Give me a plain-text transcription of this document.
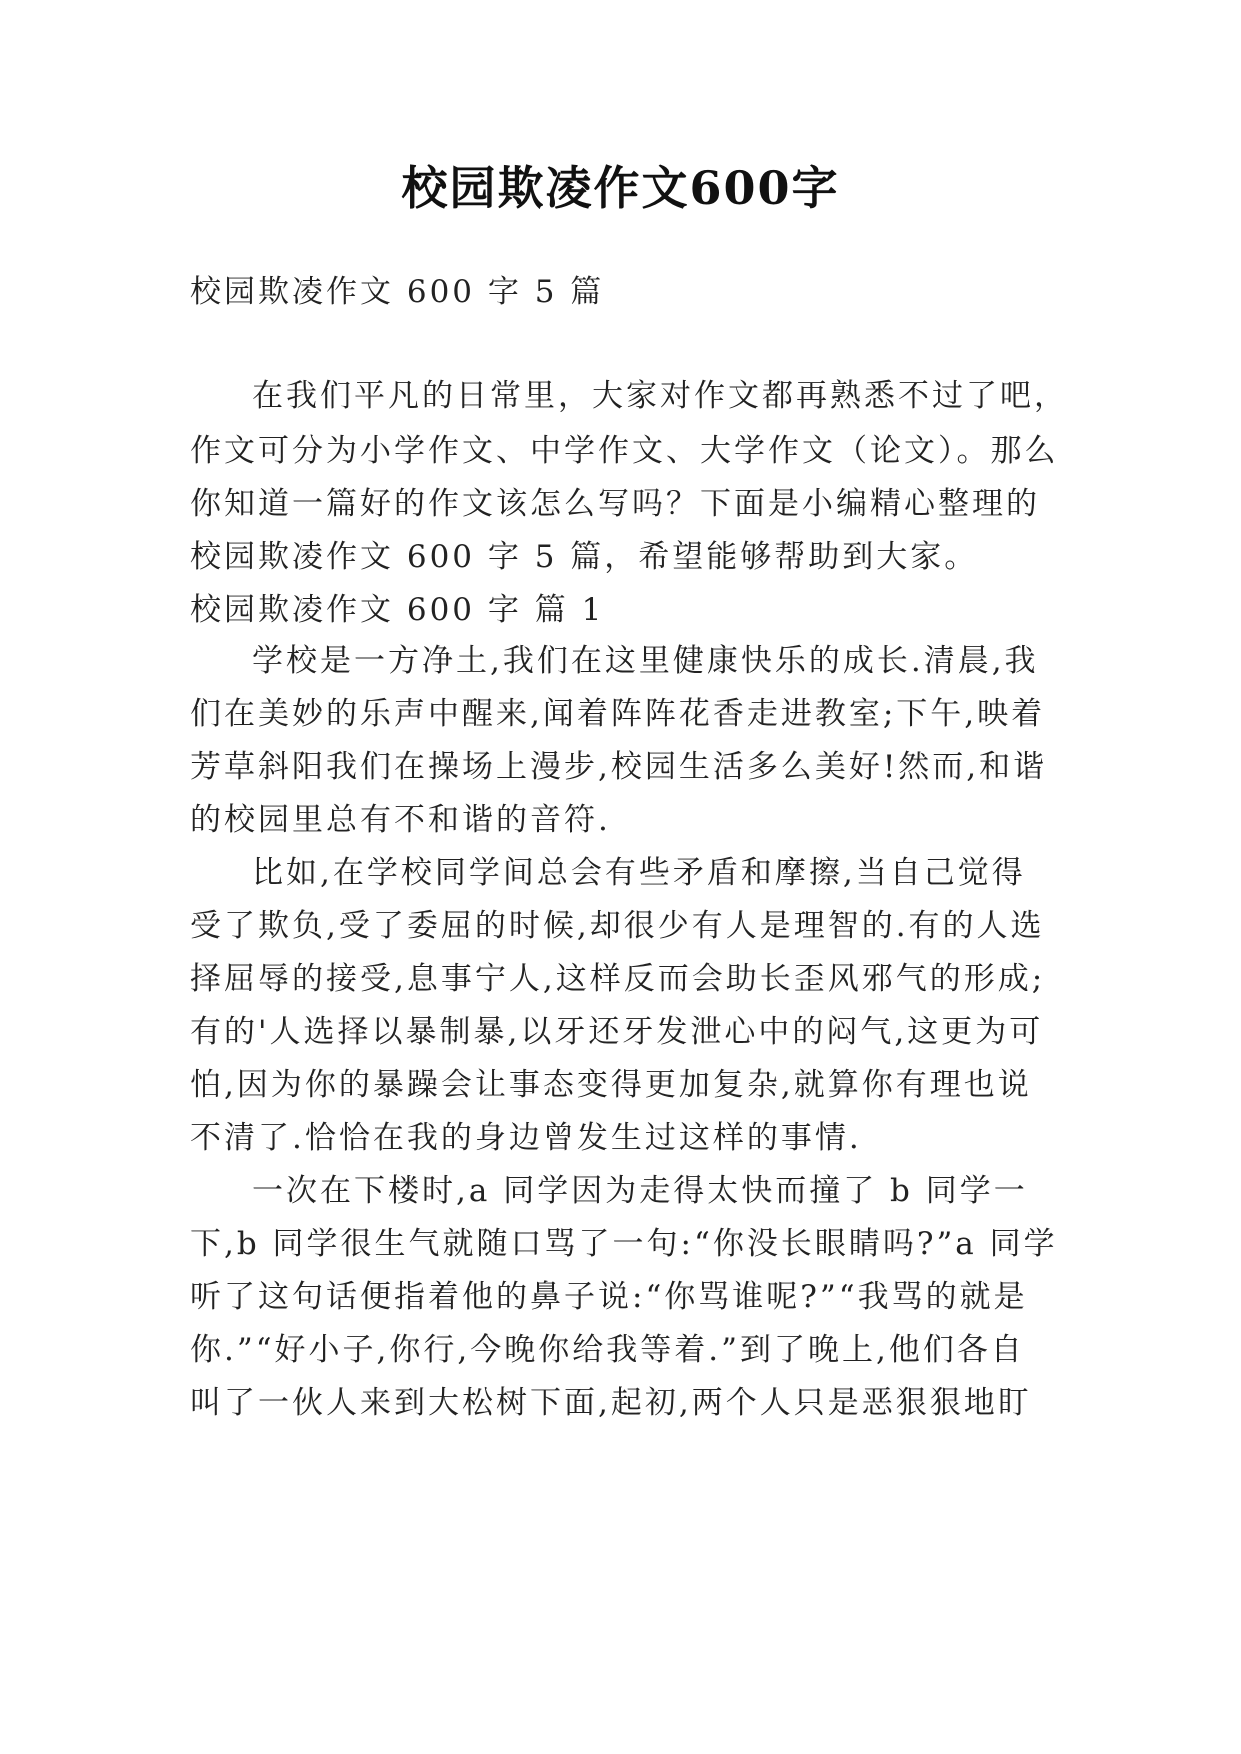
校园欺凌作文600字
校园欺凌作文 600 字 5 篇
在我们平凡的日常里，大家对作文都再熟悉不过了吧，
作文可分为小学作文、中学作文、大学作文（论文）。那么
你知道一篇好的作文该怎么写吗？下面是小编精心整理的
校园欺凌作文 600 字 5 篇，希望能够帮助到大家。
校园欺凌作文 600 字 篇 1
学校是一方净土,我们在这里健康快乐的成长.清晨,我
们在美妙的乐声中醒来,闻着阵阵花香走进教室;下午,映着
芳草斜阳我们在操场上漫步,校园生活多么美好!然而,和谐
的校园里总有不和谐的音符.
比如,在学校同学间总会有些矛盾和摩擦,当自己觉得
受了欺负,受了委屈的时候,却很少有人是理智的.有的人选
择屈辱的接受,息事宁人,这样反而会助长歪风邪气的形成;
有的'人选择以暴制暴,以牙还牙发泄心中的闷气,这更为可
怕,因为你的暴躁会让事态变得更加复杂,就算你有理也说
不清了.恰恰在我的身边曾发生过这样的事情.
一次在下楼时,a 同学因为走得太快而撞了 b 同学一
下,b 同学很生气就随口骂了一句:“你没长眼睛吗?”a 同学
听了这句话便指着他的鼻子说:“你骂谁呢?”“我骂的就是
你.”“好小子,你行,今晚你给我等着.”到了晚上,他们各自
叫了一伙人来到大松树下面,起初,两个人只是恶狠狠地盯
